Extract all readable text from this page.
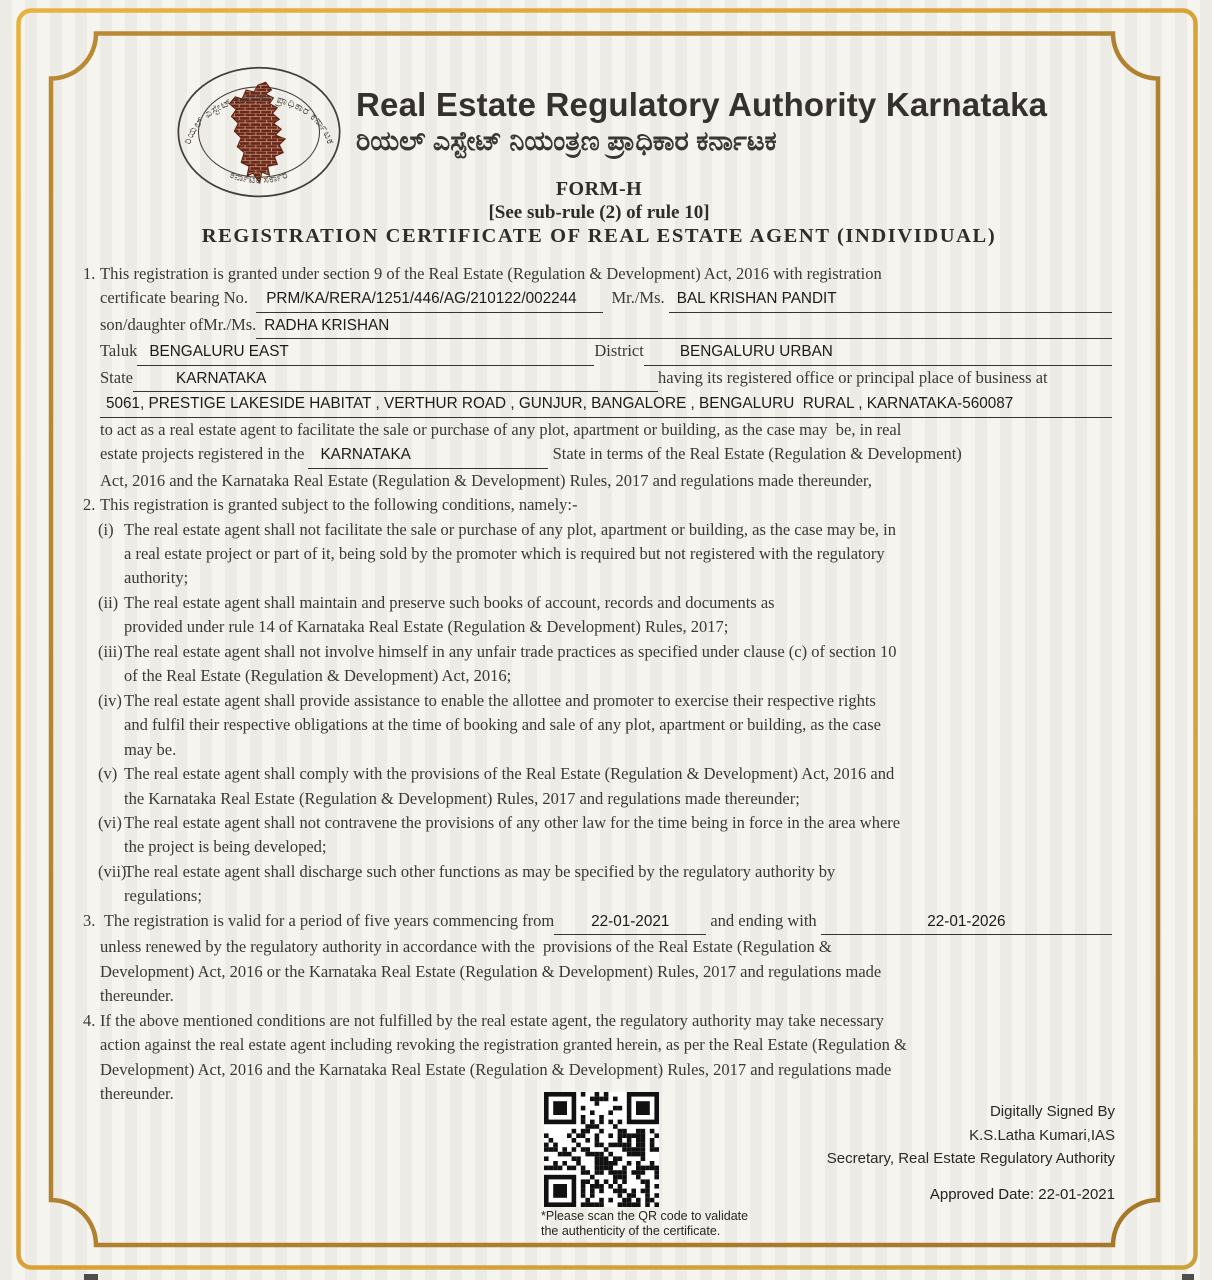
ರಿಯಲ್ ಎಸ್ಟೇಟ್ ನಿಯಂತ್ರಣ ಪ್ರಾಧಿಕಾರ ಕರ್ನಾಟಕ
ಕರ್ನಾಟಕ ಸರ್ಕಾರ
Real Estate Regulatory Authority Karnataka
ರಿಯಲ್ ಎಸ್ಟೇಟ್ ನಿಯಂತ್ರಣ ಪ್ರಾಧಿಕಾರ ಕರ್ನಾಟಕ
FORM-H
[See sub-rule (2) of rule 10]
REGISTRATION CERTIFICATE OF REAL ESTATE AGENT (INDIVIDUAL)
1. This registration is granted under section 9 of the Real Estate (Regulation & Development) Act, 2016 with registration
certificate bearing No. PRM/KA/RERA/1251/446/AG/210122/002244	Mr./Ms. BAL KRISHAN PANDIT
son/daughter ofMr./Ms. RADHA KRISHAN
Taluk BENGALURU EAST	District	BENGALURU URBAN
State	KARNATAKA	having its registered office or principal place of business at
5061, PRESTIGE LAKESIDE HABITAT , VERTHUR ROAD , GUNJUR, BANGALORE , BENGALURU  RURAL , KARNATAKA-560087
to act as a real estate agent to facilitate the sale or purchase of any plot, apartment or building, as the case may  be, in real
estate projects registered in the KARNATAKA	State in terms of the Real Estate (Regulation & Development)
Act, 2016 and the Karnataka Real Estate (Regulation & Development) Rules, 2017 and regulations made thereunder,
2. This registration is granted subject to the following conditions, namely:-
(i) The real estate agent shall not facilitate the sale or purchase of any plot, apartment or building, as the case may be, in
a real estate project or part of it, being sold by the promoter which is required but not registered with the regulatory
authority;
(ii) The real estate agent shall maintain and preserve such books of account, records and documents as
provided under rule 14 of Karnataka Real Estate (Regulation & Development) Rules, 2017;
(iii) The real estate agent shall not involve himself in any unfair trade practices as specified under clause (c) of section 10
of the Real Estate (Regulation & Development) Act, 2016;
(iv) The real estate agent shall provide assistance to enable the allottee and promoter to exercise their respective rights
and fulfil their respective obligations at the time of booking and sale of any plot, apartment or building, as the case
may be.
(v) The real estate agent shall comply with the provisions of the Real Estate (Regulation & Development) Act, 2016 and
the Karnataka Real Estate (Regulation & Development) Rules, 2017 and regulations made thereunder;
(vi) The real estate agent shall not contravene the provisions of any other law for the time being in force in the area where
the project is being developed;
(vii)
The real estate agent shall discharge such other functions as may be specified by the regulatory authority by
regulations;
3. The registration is valid for a period of five years commencing from	22-01-2021	and ending with	22-01-2026
unless renewed by the regulatory authority in accordance with the  provisions of the Real Estate (Regulation &
Development) Act, 2016 or the Karnataka Real Estate (Regulation & Development) Rules, 2017 and regulations made
thereunder.
4. If the above mentioned conditions are not fulfilled by the real estate agent, the regulatory authority may take necessary
action against the real estate agent including revoking the registration granted herein, as per the Real Estate (Regulation &
Development) Act, 2016 and the Karnataka Real Estate (Regulation & Development) Rules, 2017 and regulations made
thereunder.
*Please scan the QR code to validate
the authenticity of the certificate.
Digitally Signed By
K.S.Latha Kumari,IAS
Secretary, Real Estate Regulatory Authority
Approved Date: 22-01-2021
